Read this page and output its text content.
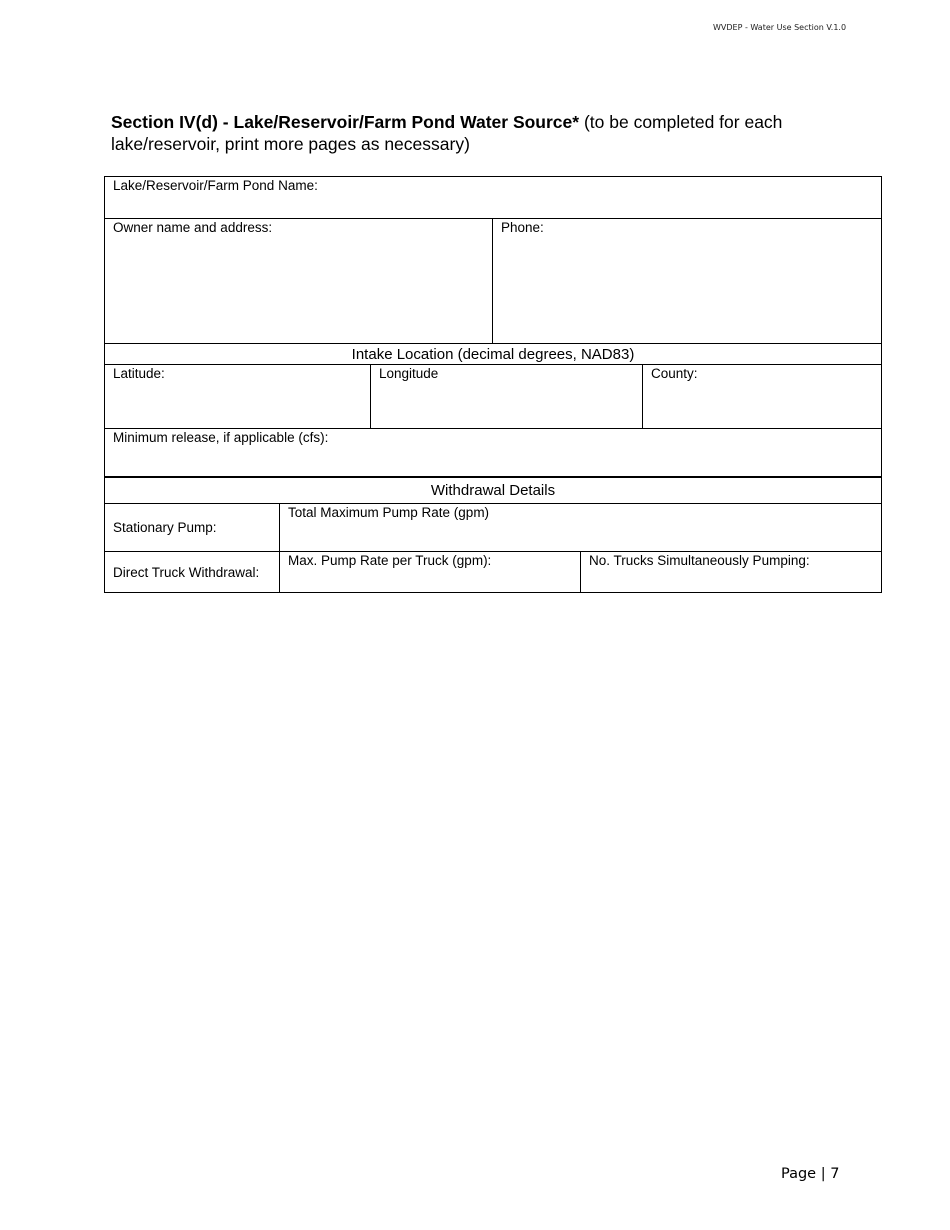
WVDEP - Water Use Section V.1.0
Section IV(d) - Lake/Reservoir/Farm Pond Water Source* (to be completed for each lake/reservoir, print more pages as necessary)
Lake/Reservoir/Farm Pond Name:					
Owner name and address:			Phone:		
Intake Location (decimal degrees, NAD83)					
Latitude:		Longitude			County:
Minimum release, if applicable (cfs):					
Withdrawal Details					
Stationary Pump:	Total Maximum Pump Rate (gpm)				
Direct Truck Withdrawal:	Max. Pump Rate per Truck (gpm):			No. Trucks Simultaneously Pumping:	
Page | 7
